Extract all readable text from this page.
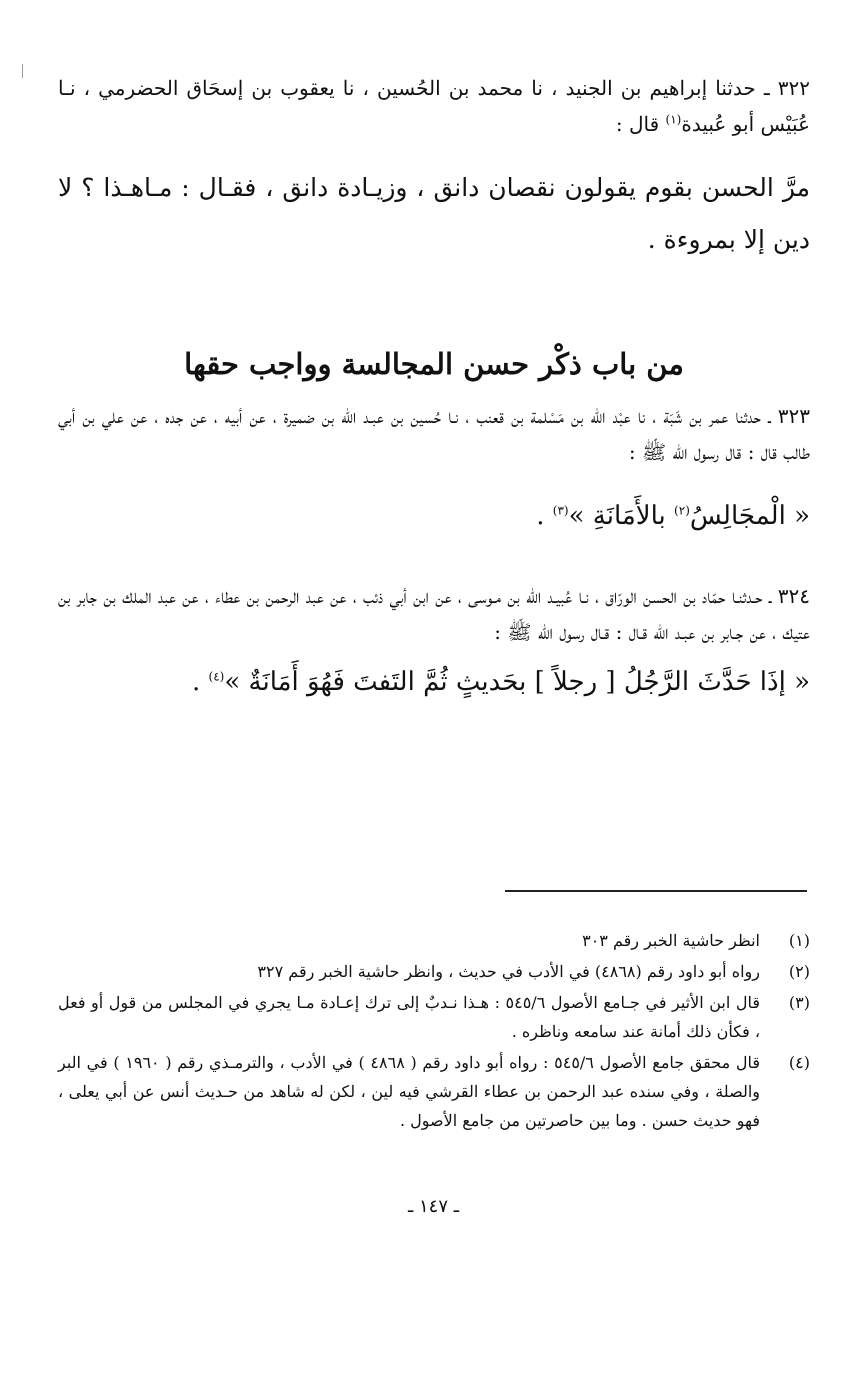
٣٢٢ ـ حدثنا إبراهيم بن الجنيد ، نا محمد بن الحُسين ، نا يعقوب بن إسحَاق الحضرمي ، نـا عُبَيْس أبو عُبيدة$^{(١)}$ قال :

مرَّ الحسن بقوم يقولون نقصان دانق ، وزيـادة دانق ، فقـال : مـاهـذا ؟ لا دين إلا بمروءة .

من باب ذكْر حسن المجالسة وواجب حقها

٣٢٣ ـ حدثنا عمر بن شَبَة ، نا عبْد الله بن مَسْلمة بن قعنب ، نـا حُسين بن عبـد الله بن ضميرة ، عن أبيه ، عن جده ، عن علي بن أبي طالب قال : قال رسول الله ﷺ :

« الْمجَالِسُ$^{(٢)}$ بالأَمَانَةِ »$^{(٣)}$ .

٣٢٤ ـ حـدثنـا حمّاد بن الحسن الورّاق ، نـا عُبيـد الله بن مـوسى ، عن ابن أبي ذئب ، عن عبد الرحمن بن عطاء ، عن عبد الملك بن جابر بن عتيك ، عن جـابر بن عبـد الله قـال : قـال رسول الله ﷺ :

« إذَا حَدَّثَ الرَّجُلُ [ رجلاً ] بحَديثٍ ثُمَّ التَفتَ فَهُوَ أَمَانَةٌ »$^{(٤)}$ .

(١)
انظر حاشية الخبر رقم ٣٠٣
(٢)
رواه أبو داود رقم (٤٨٦٨) في الأدب في حديث ، وانظر حاشية الخبر رقم ٣٢٧
(٣)
قال ابن الأثير في جـامع الأصول ٥٤٥/٦ : هـذا نـدبٌ إلى ترك إعـادة مـا يجري في المجلس من قول أو فعل ، فكأن ذلك أمانة عند سامعه وناظره .
(٤)
قال محقق جامع الأصول ٥٤٥/٦ : رواه أبو داود رقم ( ٤٨٦٨ ) في الأدب ، والترمـذي رقم ( ١٩٦٠ ) في البر والصلة ، وفي سنده عبد الرحمن بن عطاء القرشي فيه لين ، لكن له شاهد من حـديث أنس عن أبي يعلى ، فهو حديث حسن . وما بين حاصرتين من جامع الأصول .
ـ ١٤٧ ـ
